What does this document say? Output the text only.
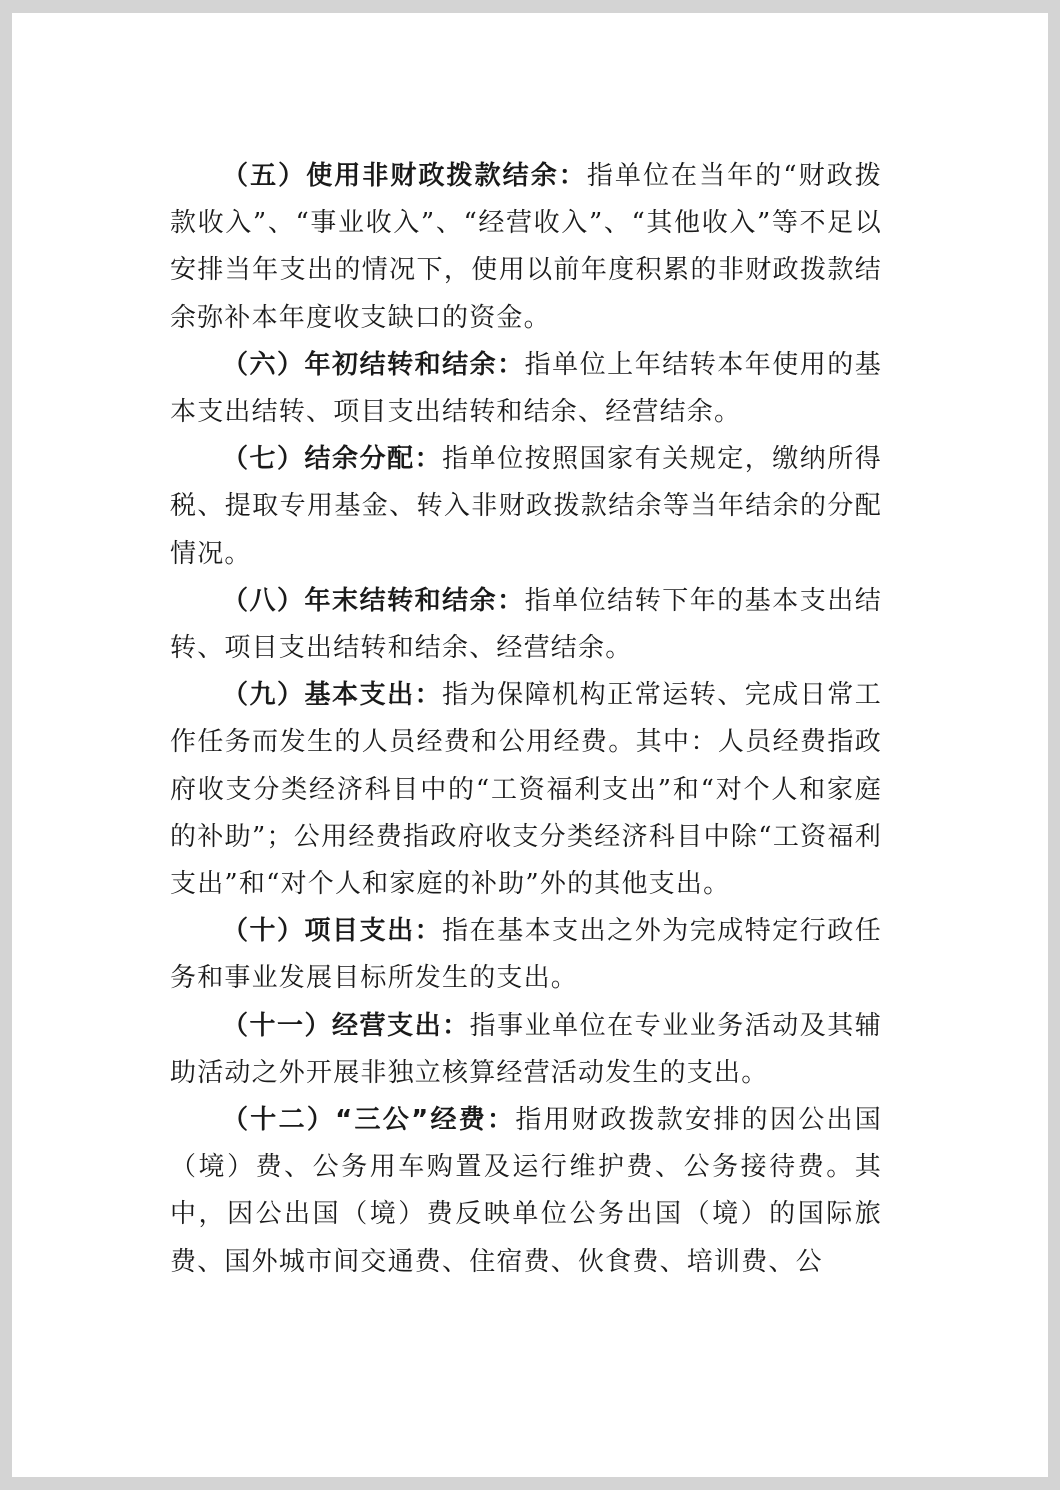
（五）使用非财政拨款结余：指单位在当年的“财政拨款收入”、“事业收入”、“经营收入”、“其他收入”等不足以安排当年支出的情况下，使用以前年度积累的非财政拨款结余弥补本年度收支缺口的资金。

（六）年初结转和结余：指单位上年结转本年使用的基本支出结转、项目支出结转和结余、经营结余。

（七）结余分配：指单位按照国家有关规定，缴纳所得税、提取专用基金、转入非财政拨款结余等当年结余的分配情况。

（八）年末结转和结余：指单位结转下年的基本支出结转、项目支出结转和结余、经营结余。

（九）基本支出：指为保障机构正常运转、完成日常工作任务而发生的人员经费和公用经费。其中：人员经费指政府收支分类经济科目中的“工资福利支出”和“对个人和家庭的补助”；公用经费指政府收支分类经济科目中除“工资福利支出”和“对个人和家庭的补助”外的其他支出。

（十）项目支出：指在基本支出之外为完成特定行政任务和事业发展目标所发生的支出。

（十一）经营支出：指事业单位在专业业务活动及其辅助活动之外开展非独立核算经营活动发生的支出。

（十二）“三公”经费：指用财政拨款安排的因公出国（境）费、公务用车购置及运行维护费、公务接待费。其中，因公出国（境）费反映单位公务出国（境）的国际旅费、国外城市间交通费、住宿费、伙食费、培训费、公
